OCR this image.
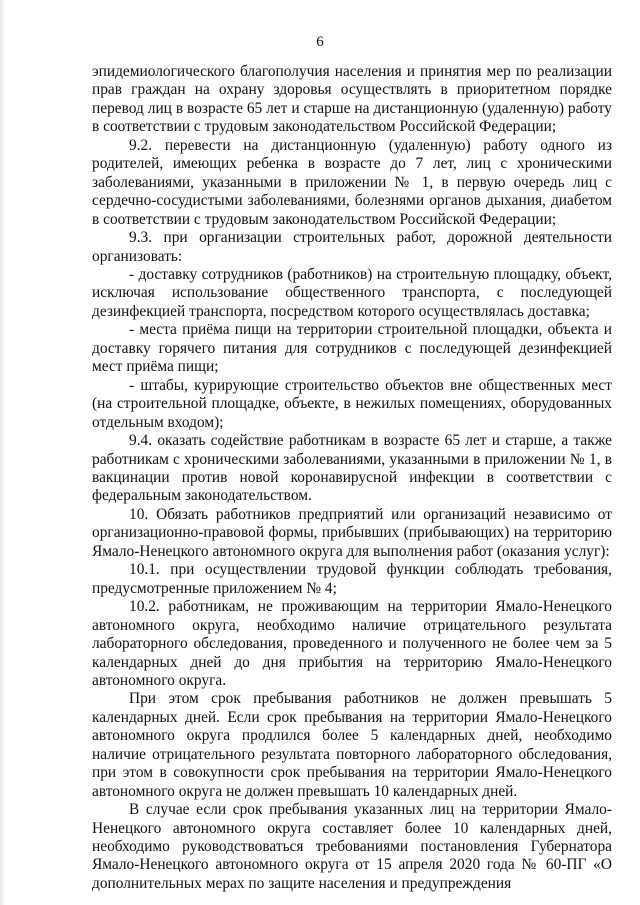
6

эпидемиологического благополучия населения и принятия мер по реализации прав граждан на охрану здоровья осуществлять в приоритетном порядке перевод лиц в возрасте 65 лет и старше на дистанционную (удаленную) работу в соответствии с трудовым законодательством Российской Федерации;

9.2. перевести на дистанционную (удаленную) работу одного из родителей, имеющих ребенка в возрасте до 7 лет, лиц с хроническими заболеваниями, указанными в приложении № 1, в первую очередь лиц с сердечно-сосудистыми заболеваниями, болезнями органов дыхания, диабетом в соответствии с трудовым законодательством Российской Федерации;

9.3. при организации строительных работ, дорожной деятельности организовать:

- доставку сотрудников (работников) на строительную площадку, объект, исключая использование общественного транспорта, с последующей дезинфекцией транспорта, посредством которого осуществлялась доставка;

- места приёма пищи на территории строительной площадки, объекта и доставку горячего питания для сотрудников с последующей дезинфекцией мест приёма пищи;

- штабы, курирующие строительство объектов вне общественных мест (на строительной площадке, объекте, в нежилых помещениях, оборудованных отдельным входом);

9.4. оказать содействие работникам в возрасте 65 лет и старше, а также работникам с хроническими заболеваниями, указанными в приложении № 1, в вакцинации против новой коронавирусной инфекции в соответствии с федеральным законодательством.

10. Обязать работников предприятий или организаций независимо от организационно-правовой формы, прибывших (прибывающих) на территорию Ямало-Ненецкого автономного округа для выполнения работ (оказания услуг):

10.1. при осуществлении трудовой функции соблюдать требования, предусмотренные приложением № 4;

10.2. работникам, не проживающим на территории Ямало-Ненецкого автономного округа, необходимо наличие отрицательного результата лабораторного обследования, проведенного и полученного не более чем за 5 календарных дней до дня прибытия на территорию Ямало-Ненецкого автономного округа.

При этом срок пребывания работников не должен превышать 5 календарных дней. Если срок пребывания на территории Ямало-Ненецкого автономного округа продлился более 5 календарных дней, необходимо наличие отрицательного результата повторного лабораторного обследования, при этом в совокупности срок пребывания на территории Ямало-Ненецкого автономного округа не должен превышать 10 календарных дней.

В случае если срок пребывания указанных лиц на территории Ямало-Ненецкого автономного округа составляет более 10 календарных дней, необходимо руководствоваться требованиями постановления Губернатора Ямало-Ненецкого автономного округа от 15 апреля 2020 года № 60-ПГ «О дополнительных мерах по защите населения и предупреждения
